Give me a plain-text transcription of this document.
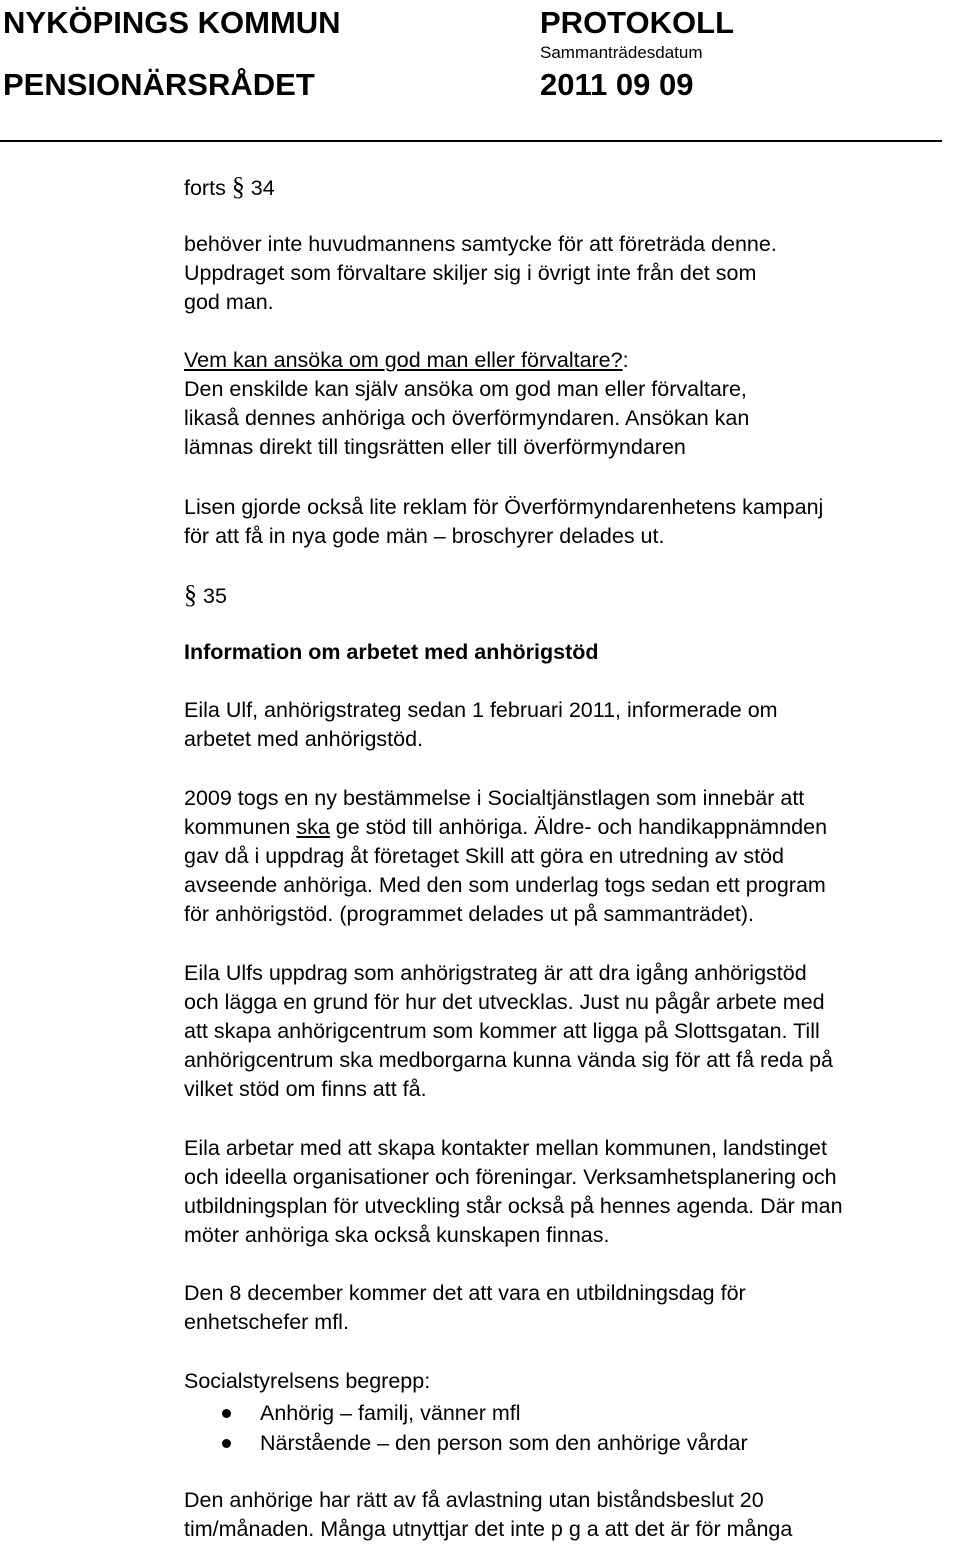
NYKÖPINGS KOMMUN
PENSIONÄRSRÅDET
PROTOKOLL
Sammanträdesdatum
2011 09 09

forts § 34

behöver inte huvudmannens samtycke för att företräda denne.

Uppdraget som förvaltare skiljer sig i övrigt inte från det som

god man.

Vem kan ansöka om god man eller förvaltare?:

Den enskilde kan själv ansöka om god man eller förvaltare,

likaså dennes anhöriga och överförmyndaren. Ansökan kan

lämnas direkt till tingsrätten eller till överförmyndaren

Lisen gjorde också lite reklam för Överförmyndarenhetens kampanj

för att få in nya gode män – broschyrer delades ut.

§ 35

Information om arbetet med anhörigstöd

Eila Ulf, anhörigstrateg sedan 1 februari 2011, informerade om

arbetet med anhörigstöd.

2009 togs en ny bestämmelse i Socialtjänstlagen som innebär att

kommunen ska ge stöd till anhöriga. Äldre- och handikappnämnden

gav då i uppdrag åt företaget Skill att göra en utredning av stöd

avseende anhöriga. Med den som underlag togs sedan ett program

för anhörigstöd. (programmet delades ut på sammanträdet).

Eila Ulfs uppdrag som anhörigstrateg är att dra igång anhörigstöd

och lägga en grund för hur det utvecklas. Just nu pågår arbete med

att skapa anhörigcentrum som kommer att ligga på Slottsgatan. Till

anhörigcentrum ska medborgarna kunna vända sig för att få reda på

vilket stöd om finns att få.

Eila arbetar med att skapa kontakter mellan kommunen, landstinget

och ideella organisationer och föreningar. Verksamhetsplanering och

utbildningsplan för utveckling står också på hennes agenda. Där man

möter anhöriga ska också kunskapen finnas.

Den 8 december kommer det att vara en utbildningsdag för

enhetschefer mfl.

Socialstyrelsens begrepp:

Anhörig – familj, vänner mfl
Närstående – den person som den anhörige vårdar

Den anhörige har rätt av få avlastning utan biståndsbeslut 20

tim/månaden. Många utnyttjar det inte p g a att det är för många
